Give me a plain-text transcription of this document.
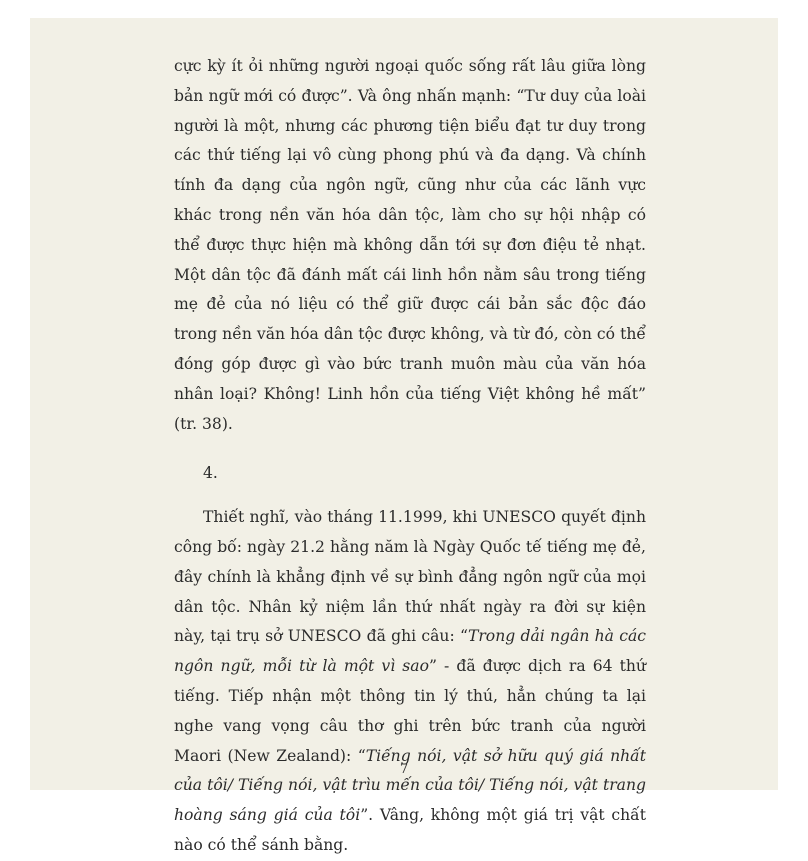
cực kỳ ít ỏi những người ngoại quốc sống rất lâu giữa lòng bản ngữ mới có được”. Và ông nhấn mạnh: “Tư duy của loài người là một, nhưng các phương tiện biểu đạt tư duy trong các thứ tiếng lại vô cùng phong phú và đa dạng. Và chính tính đa dạng của ngôn ngữ, cũng như của các lãnh vực khác trong nền văn hóa dân tộc, làm cho sự hội nhập có thể được thực hiện mà không dẫn tới sự đơn điệu tẻ nhạt. Một dân tộc đã đánh mất cái linh hồn nằm sâu trong tiếng mẹ đẻ của nó liệu có thể giữ được cái bản sắc độc đáo trong nền văn hóa dân tộc được không, và từ đó, còn có thể đóng góp được gì vào bức tranh muôn màu của văn hóa nhân loại? Không! Linh hồn của tiếng Việt không hề mất” (tr. 38).

4.

Thiết nghĩ, vào tháng 11.1999, khi UNESCO quyết định công bố: ngày 21.2 hằng năm là Ngày Quốc tế tiếng mẹ đẻ, đây chính là khẳng định về sự bình đẳng ngôn ngữ của mọi dân tộc. Nhân kỷ niệm lần thứ nhất ngày ra đời sự kiện này, tại trụ sở UNESCO đã ghi câu: “Trong dải ngân hà các ngôn ngữ, mỗi từ là một vì sao” - đã được dịch ra 64 thứ tiếng. Tiếp nhận một thông tin lý thú, hẳn chúng ta lại nghe vang vọng câu thơ ghi trên bức tranh của người Maori (New Zealand): “Tiếng nói, vật sở hữu quý giá nhất của tôi/ Tiếng nói, vật trìu mến của tôi/ Tiếng nói, vật trang hoàng sáng giá của tôi”. Vâng, không một giá trị vật chất nào có thể sánh bằng.

7
